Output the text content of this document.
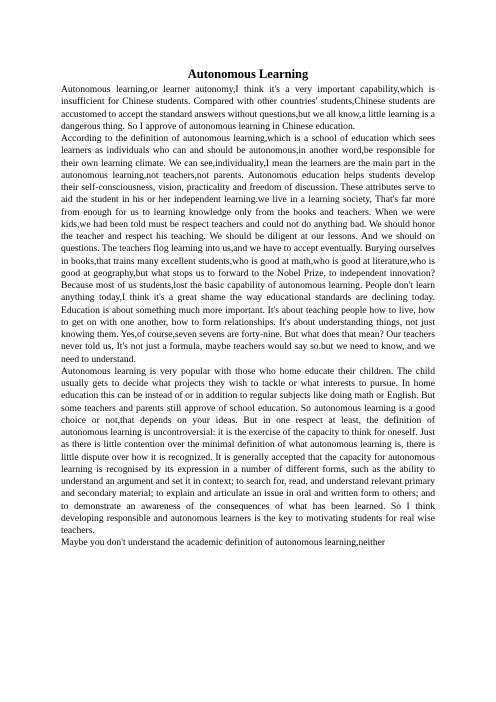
Autonomous Learning

Autonomous learning,or learner autonomy,I think it's a very important capability,which is insufficient for Chinese students. Compared with other countries' students,Chinese students are accustomed to accept the standard answers without questions,but we all know,a little learning is a dangerous thing. So I approve of autonomous learning in Chinese education.

According to the definition of autonomous learning,which is a school of education which sees learners as individuals who can and should be autonomous,in another word,be responsible for their own learning climate. We can see,individuality,I mean the learners are the main part in the autonomous learning,not teachers,not parents. Autonomous education helps students develop their self-consciousness, vision, practicality and freedom of discussion. These attributes serve to aid the student in his or her independent learning.we live in a learning society, That's far more from enough for us to learning knowledge only from the books and teachers. When we were kids,we had been told must be respect teachers and could not do anything bad. We should honor the teacher and respect his teaching. We should be diligent at our lessons. And we should on questions. The teachers flog learning into us,and we have to accept eventually. Burying ourselves in books,that trains many excellent students,who is good at math,who is good at literature,who is good at geography,but what stops us to forward to the Nobel Prize, to independent innovation? Because most of us students,lost the basic capability of autonomous learning. People don't learn anything today,I think it's a great shame the way educational standards are declining today. Education is about something much more important. It's about teaching people how to live, how to get on with one another, how to form relationships. It's about understanding things, not just knowing them. Yes,of course,seven sevens are forty-nine. But what does that mean? Our teachers never told us, It's not just a formula, maybe teachers would say so.but we need to know, and we need to understand.

Autonomous learning is very popular with those who home educate their children. The child usually gets to decide what projects they wish to tackle or what interests to pursue. In home education this can be instead of or in addition to regular subjects like doing math or English. But some teachers and parents still approve of school education. So autonomous learning is a good choice or not,that depends on your ideas. But in one respect at least, the definition of autonomous learning is uncontroversial: it is the exercise of the capacity to think for oneself. Just as there is little contention over the minimal definition of what autonomous learning is, there is little dispute over how it is recognized. It is generally accepted that the capacity for autonomous learning is recognised by its expression in a number of different forms, such as the ability to understand an argument and set it in context; to search for, read, and understand relevant primary and secondary material; to explain and articulate an issue in oral and written form to others; and to demonstrate an awareness of the consequences of what has been learned. So I think developing responsible and autonomous learners is the key to motivating students for real wise teachers.

Maybe you don't understand the academic definition of autonomous learning,neither
